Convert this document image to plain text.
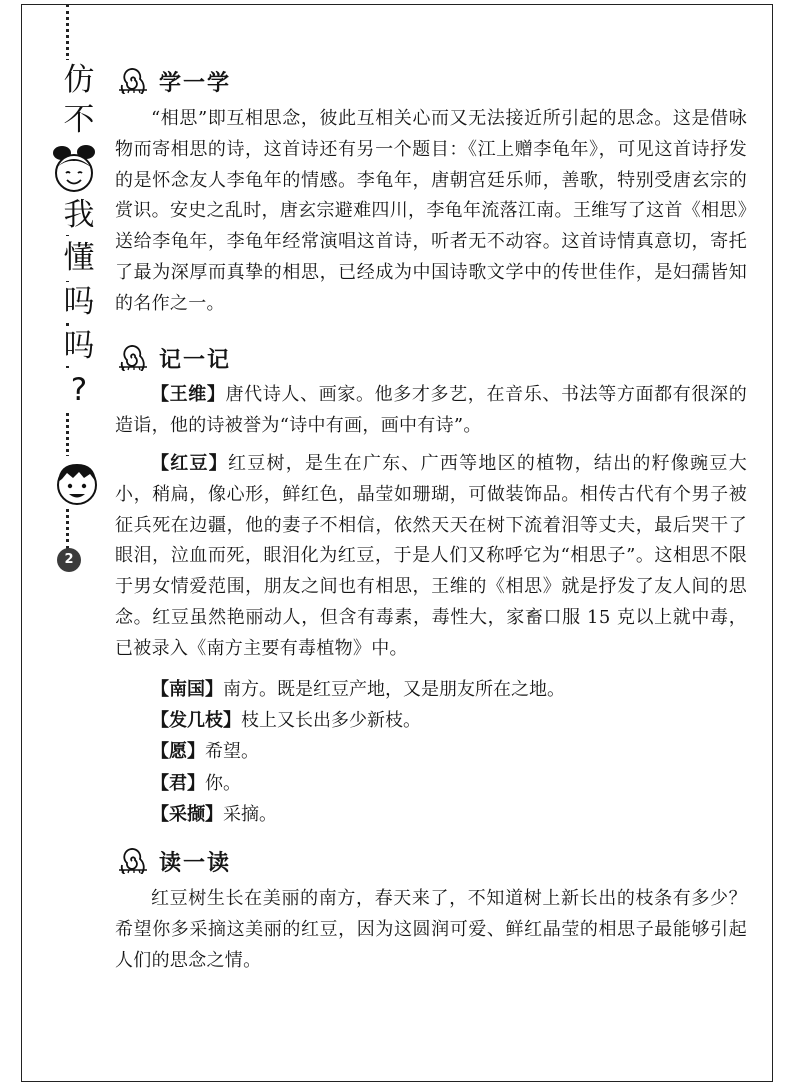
仿
不
我
懂
吗
吗
?
2
学一学

“相思”即互相思念，彼此互相关心而又无法接近所引起的思念。这是借咏物而寄相思的诗，这首诗还有另一个题目：《江上赠李龟年》，可见这首诗抒发的是怀念友人李龟年的情感。李龟年，唐朝宫廷乐师，善歌，特别受唐玄宗的赏识。安史之乱时，唐玄宗避难四川，李龟年流落江南。王维写了这首《相思》送给李龟年，李龟年经常演唱这首诗，听者无不动容。这首诗情真意切，寄托了最为深厚而真挚的相思，已经成为中国诗歌文学中的传世佳作，是妇孺皆知的名作之一。

记一记

【王维】唐代诗人、画家。他多才多艺，在音乐、书法等方面都有很深的造诣，他的诗被誉为“诗中有画，画中有诗”。

【红豆】红豆树，是生在广东、广西等地区的植物，结出的籽像豌豆大小，稍扁，像心形，鲜红色，晶莹如珊瑚，可做装饰品。相传古代有个男子被征兵死在边疆，他的妻子不相信，依然天天在树下流着泪等丈夫，最后哭干了眼泪，泣血而死，眼泪化为红豆，于是人们又称呼它为“相思子”。这相思不限于男女情爱范围，朋友之间也有相思，王维的《相思》就是抒发了友人间的思念。红豆虽然艳丽动人，但含有毒素，毒性大，家畜口服 15 克以上就中毒，已被录入《南方主要有毒植物》中。

【南国】南方。既是红豆产地，又是朋友所在之地。
【发几枝】枝上又长出多少新枝。
【愿】希望。
【君】你。
【采撷】采摘。
读一读

红豆树生长在美丽的南方，春天来了，不知道树上新长出的枝条有多少？希望你多采摘这美丽的红豆，因为这圆润可爱、鲜红晶莹的相思子最能够引起人们的思念之情。
